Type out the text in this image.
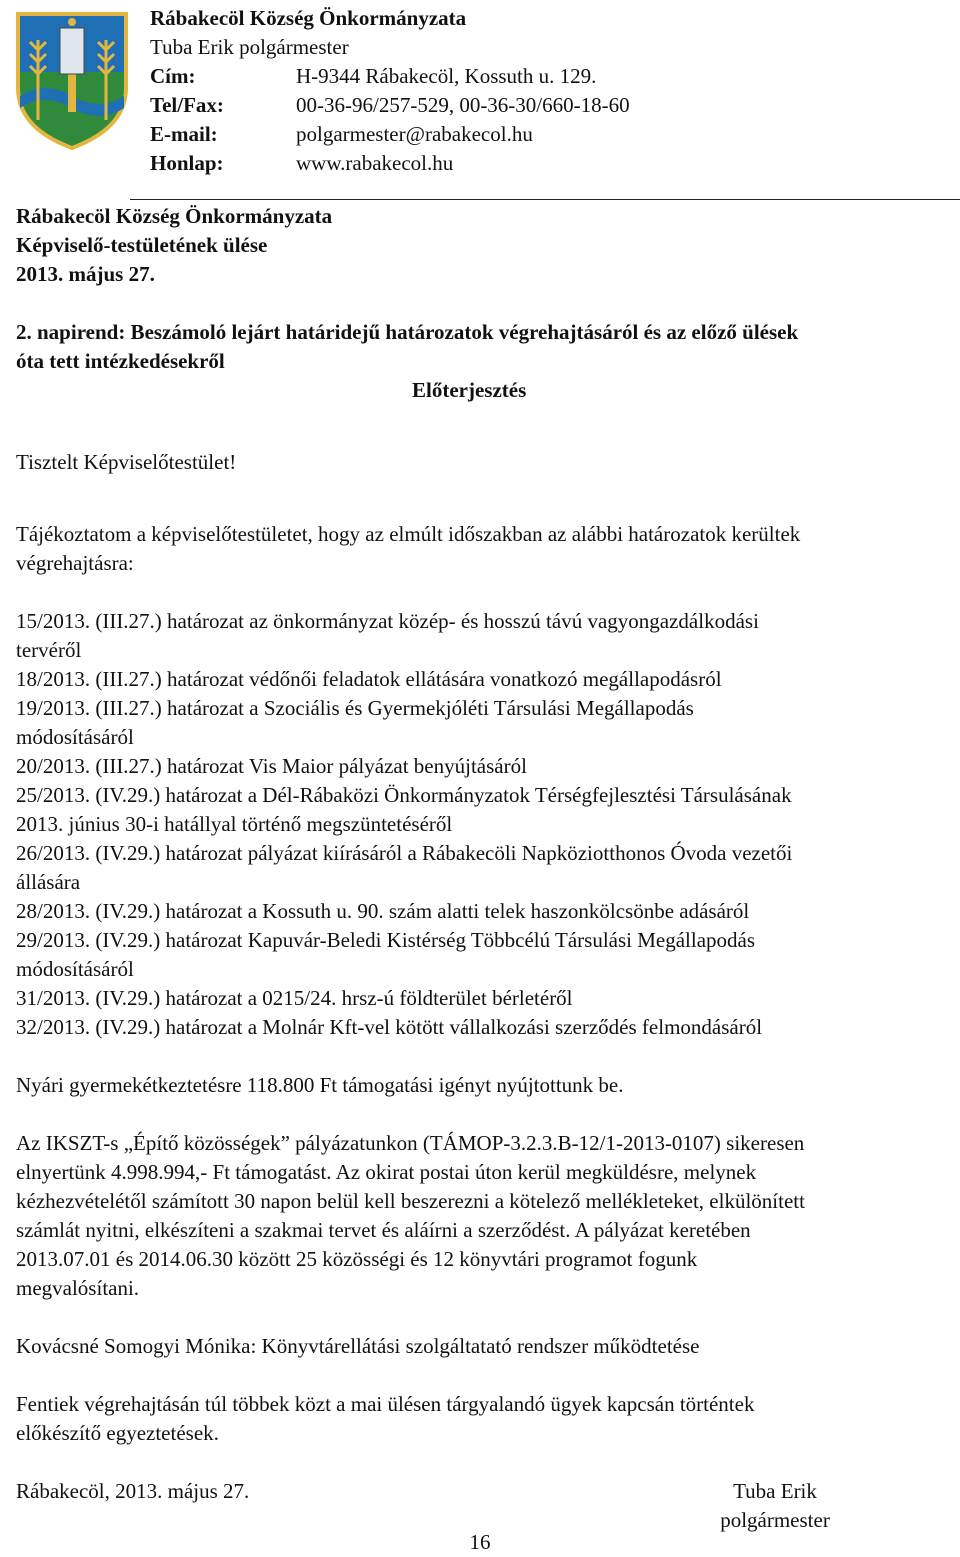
Rábakecöl Község Önkormányzata
Tuba Erik polgármester
Cím:	H-9344 Rábakecöl, Kossuth u. 129.
Tel/Fax:	00-36-96/257-529, 00-36-30/660-18-60
E-mail:	polgarmester@rabakecol.hu
Honlap:	www.rabakecol.hu
Rábakecöl Község Önkormányzata
Képviselő-testületének ülése
2013. május 27.
2. napirend: Beszámoló lejárt határidejű határozatok végrehajtásáról és az előző ülések
óta tett intézkedésekről
Előterjesztés
Tisztelt Képviselőtestület!
Tájékoztatom a képviselőtestületet, hogy az elmúlt időszakban az alábbi határozatok kerültek
végrehajtásra:
15/2013. (III.27.) határozat az önkormányzat közép- és hosszú távú vagyongazdálkodási
tervéről
18/2013. (III.27.) határozat védőnői feladatok ellátására vonatkozó megállapodásról
19/2013. (III.27.) határozat a Szociális és Gyermekjóléti Társulási Megállapodás
módosításáról
20/2013. (III.27.) határozat Vis Maior pályázat benyújtásáról
25/2013. (IV.29.) határozat a Dél-Rábaközi Önkormányzatok Térségfejlesztési Társulásának
2013. június 30-i hatállyal történő megszüntetéséről
26/2013. (IV.29.) határozat pályázat kiírásáról a Rábakecöli Napköziotthonos Óvoda vezetői
állására
28/2013. (IV.29.) határozat a Kossuth u. 90. szám alatti telek haszonkölcsönbe adásáról
29/2013. (IV.29.) határozat Kapuvár-Beledi Kistérség Többcélú Társulási Megállapodás
módosításáról
31/2013. (IV.29.) határozat a 0215/24. hrsz-ú földterület bérletéről
32/2013. (IV.29.) határozat a Molnár Kft-vel kötött vállalkozási szerződés felmondásáról
Nyári gyermekétkeztetésre 118.800 Ft támogatási igényt nyújtottunk be.
Az IKSZT-s „Építő közösségek” pályázatunkon (TÁMOP-3.2.3.B-12/1-2013-0107) sikeresen
elnyertünk 4.998.994,- Ft támogatást. Az okirat postai úton kerül megküldésre, melynek
kézhezvételétől számított 30 napon belül kell beszerezni a kötelező mellékleteket, elkülönített
számlát nyitni, elkészíteni a szakmai tervet és aláírni a szerződést. A pályázat keretében
2013.07.01 és 2014.06.30 között 25 közösségi és 12 könyvtári programot fogunk
megvalósítani.
Kovácsné Somogyi Mónika: Könyvtárellátási szolgáltatató rendszer működtetése
Fentiek végrehajtásán túl többek közt a mai ülésen tárgyalandó ügyek kapcsán történtek
előkészítő egyeztetések.
Rábakecöl, 2013. május 27.	Tuba Erik
polgármester
16
